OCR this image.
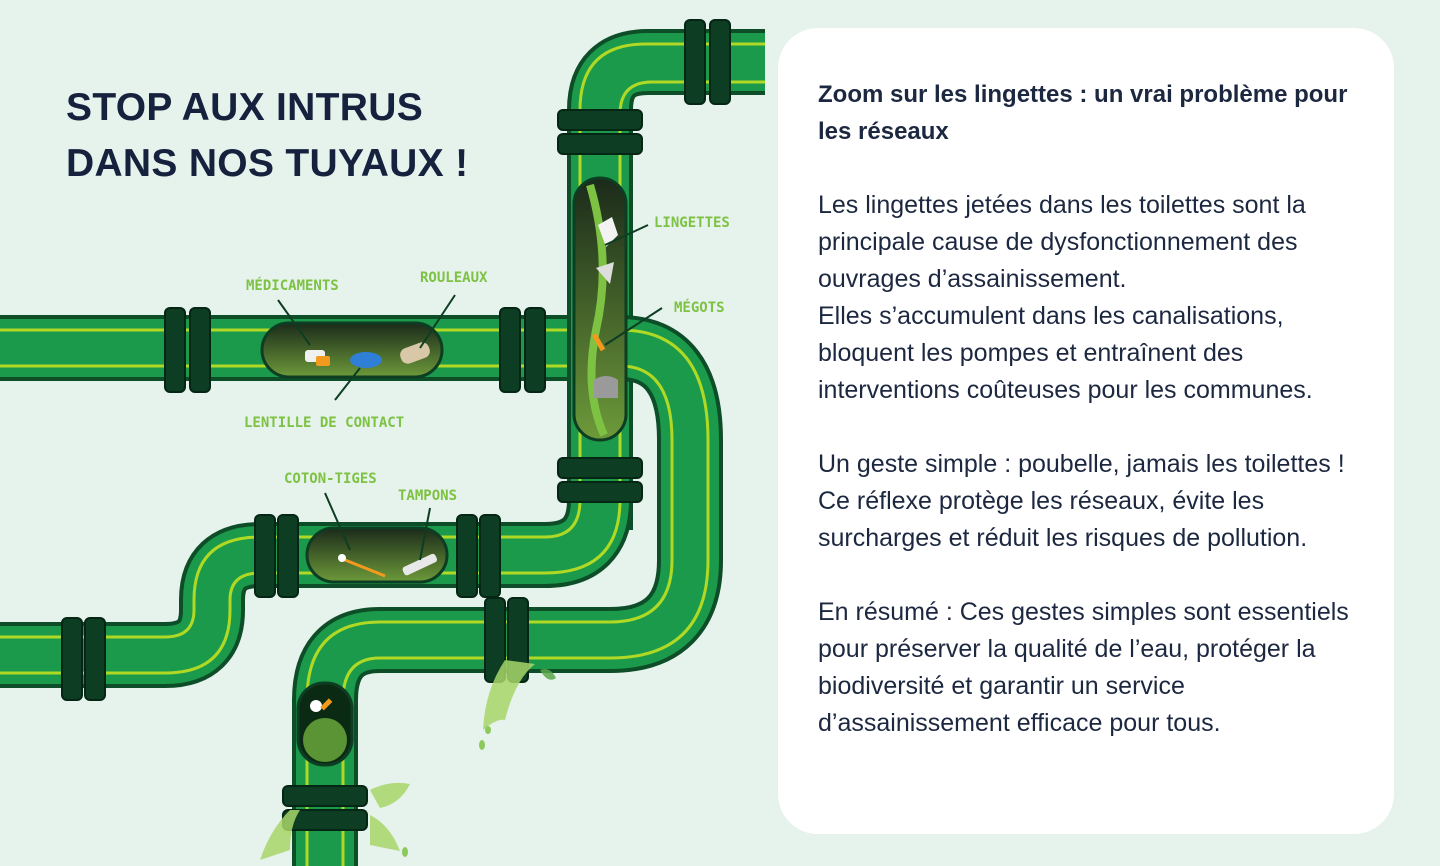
STOP AUX INTRUS
DANS NOS TUYAUX !
MÉDICAMENTS	ROULEAUX
LENTILLE DE CONTACT
LINGETTES
MÉGOTS
COTON-TIGES
TAMPONS
Zoom sur les lingettes : un vrai problème pour les réseaux

Les lingettes jetées dans les toilettes sont la principale cause de dysfonctionnement des ouvrages d’assainissement.

Elles s’accumulent dans les canalisations, bloquent les pompes et entraînent des interventions coûteuses pour les communes.

Un geste simple : poubelle, jamais les toilettes !

Ce réflexe protège les réseaux, évite les surcharges et réduit les risques de pollution.

En résumé : Ces gestes simples sont essentiels pour préserver la qualité de l’eau, protéger la biodiversité et garantir un service d’assainissement efficace pour tous.
